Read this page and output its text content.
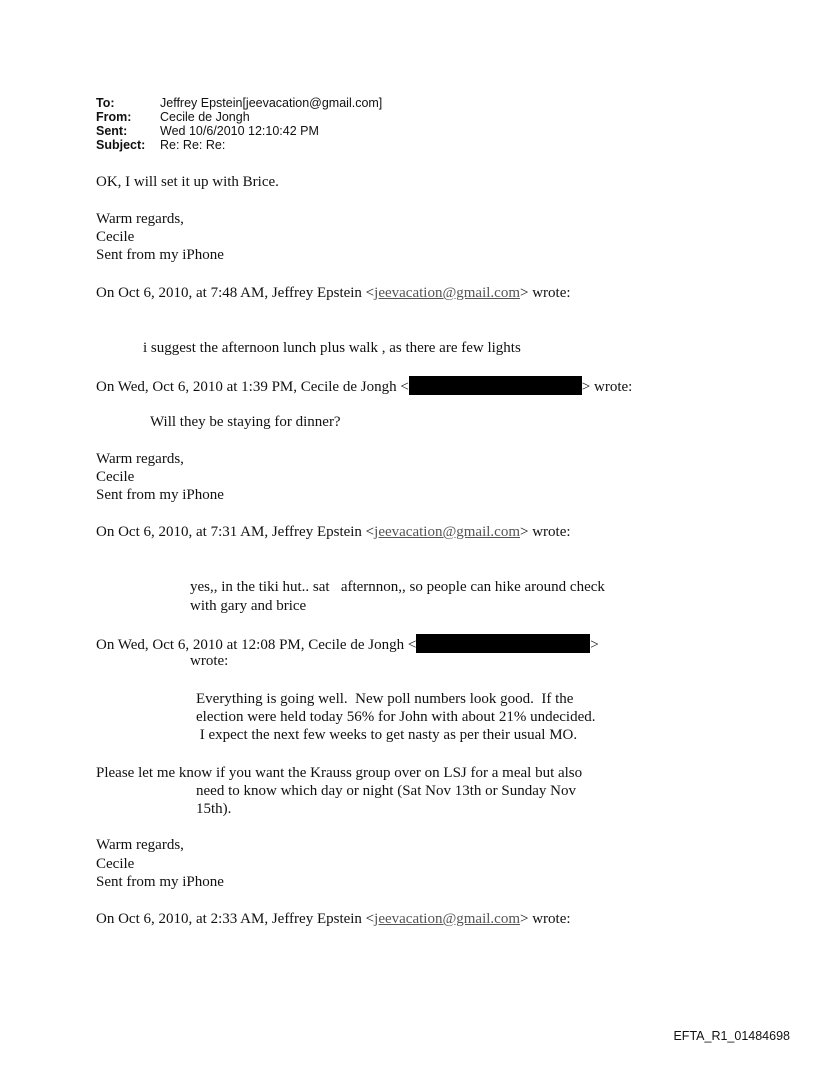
To:	Jeffrey Epstein[jeevacation@gmail.com]
From:	Cecile de Jongh
Sent:	Wed 10/6/2010 12:10:42 PM
Subject:	Re: Re: Re:

OK, I will set it up with Brice.

Warm regards,

Cecile

Sent from my iPhone

On Oct 6, 2010, at 7:48 AM, Jeffrey Epstein <jeevacation@gmail.com> wrote:

i suggest the afternoon lunch plus walk , as there are few lights

On Wed, Oct 6, 2010 at 1:39 PM, Cecile de Jongh <	> wrote:

Will they be staying for dinner?

Warm regards,

Cecile

Sent from my iPhone

On Oct 6, 2010, at 7:31 AM, Jeffrey Epstein <jeevacation@gmail.com> wrote:

yes,, in the tiki hut.. sat   afternnon,, so people can hike around check

with gary and brice

On Wed, Oct 6, 2010 at 12:08 PM, Cecile de Jongh <	>

wrote:

Everything is going well.  New poll numbers look good.  If the

election were held today 56% for John with about 21% undecided.

I expect the next few weeks to get nasty as per their usual MO.

Please let me know if you want the Krauss group over on LSJ for a meal but also

need to know which day or night (Sat Nov 13th or Sunday Nov

15th).

Warm regards,

Cecile

Sent from my iPhone

On Oct 6, 2010, at 2:33 AM, Jeffrey Epstein <jeevacation@gmail.com> wrote:

EFTA_R1_01484698
